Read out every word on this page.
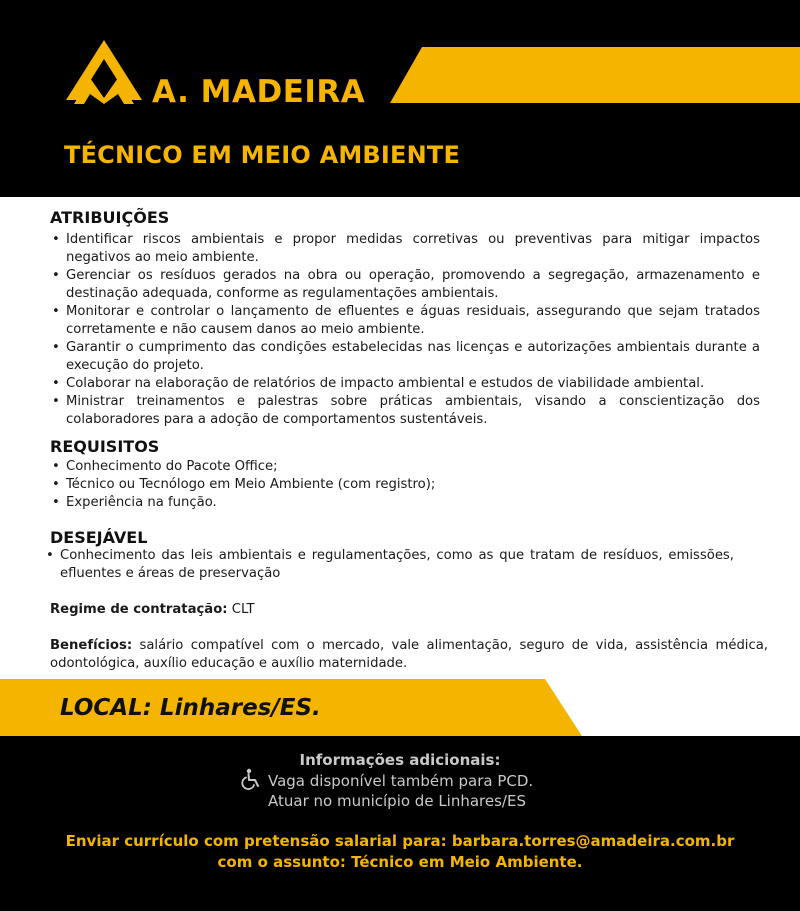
A. MADEIRA
TÉCNICO EM MEIO AMBIENTE
ATRIBUIÇÕES
• Identificar riscos ambientais e propor medidas corretivas ou preventivas para mitigar impactos negativos ao meio ambiente.
• Gerenciar os resíduos gerados na obra ou operação, promovendo a segregação, armazenamento e destinação adequada, conforme as regulamentações ambientais.
• Monitorar e controlar o lançamento de efluentes e águas residuais, assegurando que sejam tratados corretamente e não causem danos ao meio ambiente.
• Garantir o cumprimento das condições estabelecidas nas licenças e autorizações ambientais durante a execução do projeto.
• Colaborar na elaboração de relatórios de impacto ambiental e estudos de viabilidade ambiental.
• Ministrar treinamentos e palestras sobre práticas ambientais, visando a conscientização dos colaboradores para a adoção de comportamentos sustentáveis.
REQUISITOS
• Conhecimento do Pacote Office;
• Técnico ou Tecnólogo em Meio Ambiente (com registro);
• Experiência na função.
DESEJÁVEL
• Conhecimento das leis ambientais e regulamentações, como as que tratam de resíduos, emissões, efluentes e áreas de preservação
Regime de contratação: CLT
Benefícios: salário compatível com o mercado, vale alimentação, seguro de vida, assistência médica, odontológica, auxílio educação e auxílio maternidade.
LOCAL: Linhares/ES.
Informações adicionais:
Vaga disponível também para PCD.
Atuar no município de Linhares/ES
Enviar currículo com pretensão salarial para: barbara.torres@amadeira.com.br com o assunto: Técnico em Meio Ambiente.
